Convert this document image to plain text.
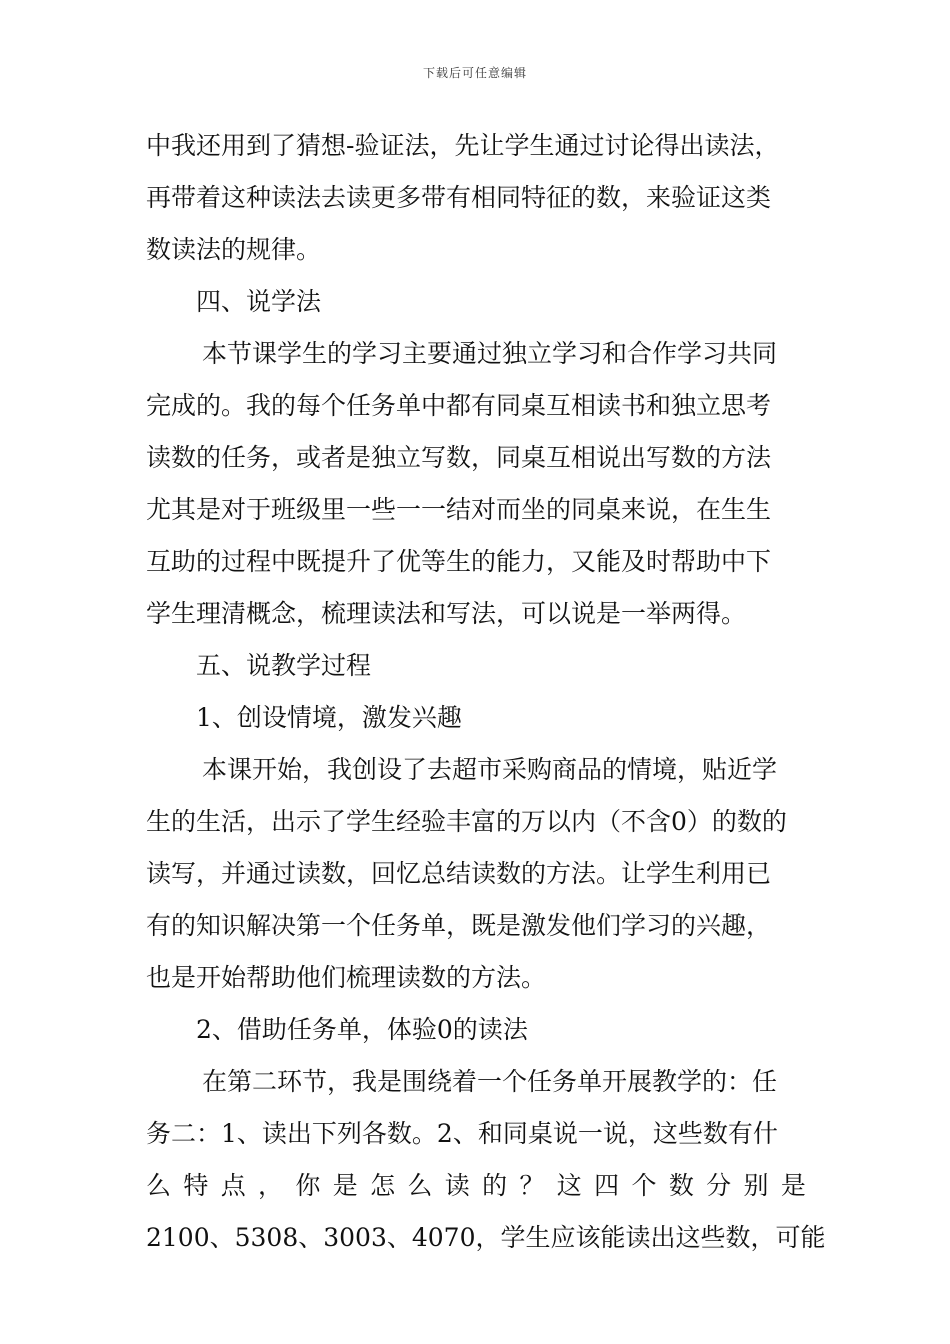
下载后可任意编辑
中我还用到了猜想-验证法，先让学生通过讨论得出读法，
再带着这种读法去读更多带有相同特征的数，来验证这类
数读法的规律。
四、说学法
本节课学生的学习主要通过独立学习和合作学习共同
完成的。我的每个任务单中都有同桌互相读书和独立思考
读数的任务，或者是独立写数，同桌互相说出写数的方法
尤其是对于班级里一些一一结对而坐的同桌来说，在生生
互助的过程中既提升了优等生的能力，又能及时帮助中下
学生理清概念，梳理读法和写法，可以说是一举两得。
五、说教学过程
1、创设情境，激发兴趣
本课开始，我创设了去超市采购商品的情境，贴近学
生的生活，出示了学生经验丰富的万以内（不含0）的数的
读写，并通过读数，回忆总结读数的方法。让学生利用已
有的知识解决第一个任务单，既是激发他们学习的兴趣，
也是开始帮助他们梳理读数的方法。
2、借助任务单，体验0的读法
在第二环节，我是围绕着一个任务单开展教学的：任
务二：1、读出下列各数。2、和同桌说一说，这些数有什
么 特 点 ， 你 是 怎 么 读 的 ？ 这 四 个 数 分 别 是
2100、5308、3003、4070，学生应该能读出这些数，可能
